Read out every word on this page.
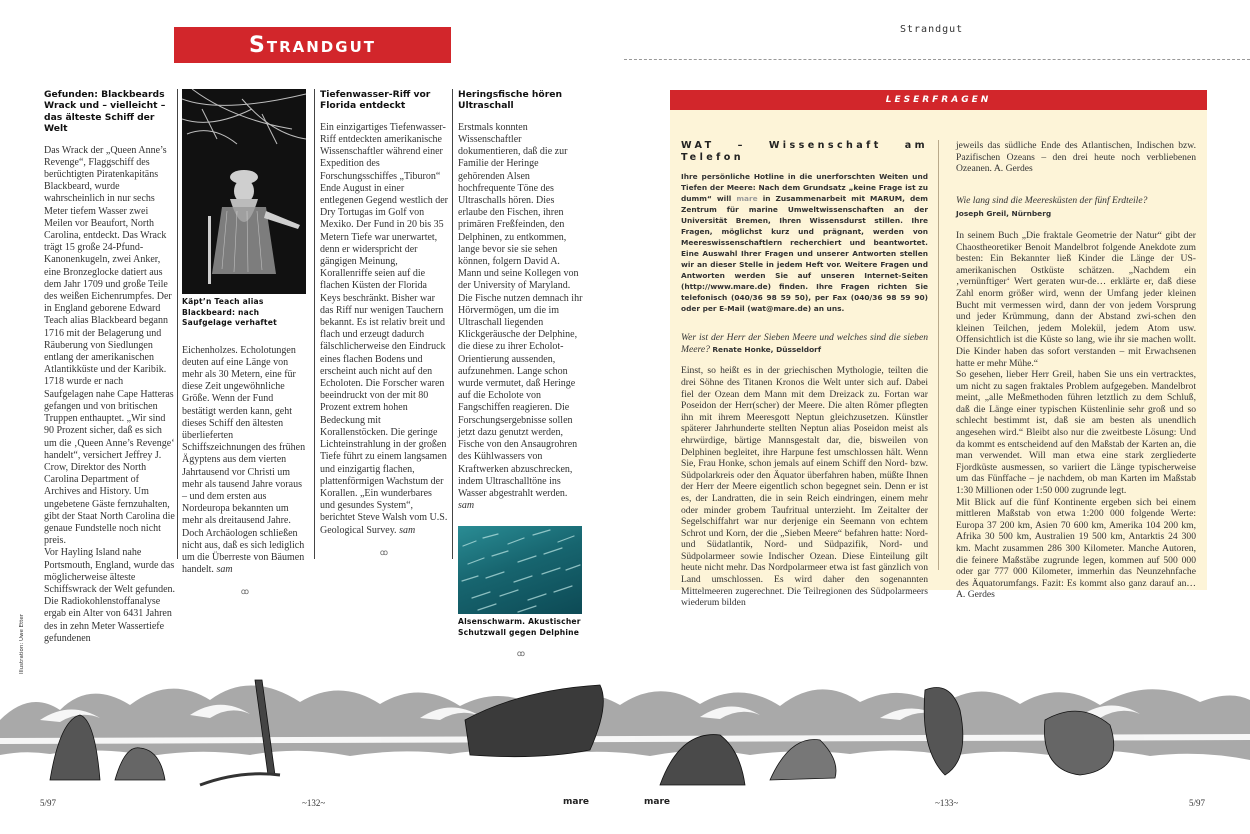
Strandgut
Gefunden: Blackbeards Wrack und – vielleicht – das älteste Schiff der Welt
Das Wrack der „Queen Anne’s Revenge“, Flaggschiff des berüchtigten Piratenkapitäns Blackbeard, wurde wahrscheinlich in nur sechs Meter tiefem Wasser zwei Meilen vor Beaufort, North Carolina, entdeckt. Das Wrack trägt 15 große 24-Pfund-Kanonenkugeln, zwei Anker, eine Bronzeglocke datiert aus dem Jahr 1709 und große Teile des weißen Eichenrumpfes. Der in England geborene Edward Teach alias Blackbeard begann 1716 mit der Belagerung und Räuberung von Siedlungen entlang der amerikanischen Atlantikküste und der Karibik. 1718 wurde er nach Saufgelagen nahe Cape Hatteras gefangen und von britischen Truppen enthauptet. „Wir sind 90 Prozent sicher, daß es sich um die ‚Queen Anne’s Revenge‘ handelt“, versichert Jeffrey J. Crow, Direktor des North Carolina Department of Archives and History. Um ungebetene Gäste fernzuhalten, gibt der Staat North Carolina die genaue Fundstelle noch nicht preis.
Vor Hayling Island nahe Portsmouth, England, wurde das möglicherweise älteste Schiffswrack der Welt gefunden. Die Radiokohlenstoffanalyse ergab ein Alter von 6431 Jahren des in zehn Meter Wassertiefe gefundenen
Käpt’n Teach alias Blackbeard: nach Saufgelage verhaftet
Eichenholzes. Echolotungen deuten auf eine Länge von mehr als 30 Metern, eine für diese Zeit ungewöhnliche Größe. Wenn der Fund bestätigt werden kann, geht dieses Schiff den ältesten überlieferten Schiffszeichnungen des frühen Ägyptens aus dem vierten Jahrtausend vor Christi um mehr als tausend Jahre voraus – und dem ersten aus Nordeuropa bekannten um mehr als dreitausend Jahre. Doch Archäologen schließen nicht aus, daß es sich lediglich um die Überreste von Bäumen handelt. sam
ꝏ
Tiefenwasser-Riff vor Florida entdeckt
Ein einzigartiges Tiefenwasser-Riff entdeckten amerikanische Wissenschaftler während einer Expedition des Forschungsschiffes „Tiburon“ Ende August in einer entlegenen Gegend westlich der Dry Tortugas im Golf von Mexiko. Der Fund in 20 bis 35 Metern Tiefe war unerwartet, denn er widerspricht der gängigen Meinung, Korallenriffe seien auf die flachen Küsten der Florida Keys beschränkt. Bisher war das Riff nur wenigen Tauchern bekannt. Es ist relativ breit und flach und erzeugt dadurch fälschlicherweise den Eindruck eines flachen Bodens und erscheint auch nicht auf den Echoloten. Die Forscher waren beeindruckt von der mit 80 Prozent extrem hohen Bedeckung mit Korallenstöcken. Die geringe Lichteinstrahlung in der großen Tiefe führt zu einem langsamen und einzigartig flachen, plattenförmigen Wachstum der Korallen. „Ein wunderbares und gesundes System“, berichtet Steve Walsh vom U.S. Geological Survey. sam
ꝏ
Heringsfische hören Ultraschall
Erstmals konnten Wissenschaftler dokumentieren, daß die zur Familie der Heringe gehörenden Alsen hochfrequente Töne des Ultraschalls hören. Dies erlaube den Fischen, ihren primären Freßfeinden, den Delphinen, zu entkommen, lange bevor sie sie sehen können, folgern David A. Mann und seine Kollegen von der University of Maryland. Die Fische nutzen demnach ihr Hörvermögen, um die im Ultraschall liegenden Klickgeräusche der Delphine, die diese zu ihrer Echolot-Orientierung aussenden, aufzunehmen. Lange schon wurde vermutet, daß Heringe auf die Echolote von Fangschiffen reagieren. Die Forschungsergebnisse sollen jetzt dazu genutzt werden, Fische von den Ansaugrohren des Kühlwassers von Kraftwerken abzuschrecken, indem Ultraschalltöne ins Wasser abgestrahlt werden. sam
Alsenschwarm. Akustischer Schutzwall gegen Delphine
ꝏ
Strandgut
LESERFRAGEN
WAT – Wissenschaft am Telefon
Ihre persönliche Hotline in die unerforschten Weiten und Tiefen der Meere: Nach dem Grundsatz „keine Frage ist zu dumm“ will mare in Zusammenarbeit mit MARUM, dem Zentrum für marine Umweltwissenschaften an der Universität Bremen, Ihren Wissensdurst stillen. Ihre Fragen, möglichst kurz und prägnant, werden von Meereswissenschaftlern recherchiert und beantwortet. Eine Auswahl Ihrer Fragen und unserer Antworten stellen wir an dieser Stelle in jedem Heft vor. Weitere Fragen und Antworten werden Sie auf unseren Internet-Seiten (http://www.mare.de) finden. Ihre Fragen richten Sie telefonisch (040/36 98 59 50), per Fax (040/36 98 59 90) oder per E-Mail (wat@mare.de) an uns.
Wer ist der Herr der Sieben Meere und welches sind die sieben Meere? Renate Honke, Düsseldorf
Einst, so heißt es in der griechischen Mythologie, teilten die drei Söhne des Titanen Kronos die Welt unter sich auf. Dabei fiel der Ozean dem Mann mit dem Dreizack zu. Fortan war Poseidon der Herr(scher) der Meere. Die alten Römer pflegten ihn mit ihrem Meeresgott Neptun gleichzusetzen. Künstler späterer Jahrhunderte stellten Neptun alias Poseidon meist als ehrwürdige, bärtige Mannsgestalt dar, die, bisweilen von Delphinen begleitet, ihre Harpune fest umschlossen hält. Wenn Sie, Frau Honke, schon jemals auf einem Schiff den Nord- bzw. Südpolarkreis oder den Äquator überfahren haben, müßte Ihnen der Herr der Meere eigentlich schon begegnet sein. Denn er ist es, der Landratten, die in sein Reich eindringen, einem mehr oder minder grobem Taufritual unterzieht. Im Zeitalter der Segelschiffahrt war nur derjenige ein Seemann von echtem Schrot und Korn, der die „Sieben Meere“ befahren hatte: Nord- und Südatlantik, Nord- und Südpazifik, Nord- und Südpolarmeer sowie Indischer Ozean. Diese Einteilung gilt heute nicht mehr. Das Nordpolarmeer etwa ist fast gänzlich von Land umschlossen. Es wird daher den sogenannten Mittelmeeren zugerechnet. Die Teilregionen des Südpolarmeers wiederum bilden
jeweils das südliche Ende des Atlantischen, Indischen bzw. Pazifischen Ozeans – den drei heute noch verbliebenen Ozeanen. A. Gerdes
Wie lang sind die Meeresküsten der fünf Erdteile?
Joseph Greil, Nürnberg
In seinem Buch „Die fraktale Geometrie der Natur“ gibt der Chaostheoretiker Benoit Mandelbrot folgende Anekdote zum besten: Ein Bekannter ließ Kinder die Länge der US-amerikanischen Ostküste schätzen. „Nachdem ein ‚vernünftiger‘ Wert geraten wur-de… erklärte er, daß diese Zahl enorm größer wird, wenn der Umfang jeder kleinen Bucht mit vermessen wird, dann der von jedem Vorsprung und jeder Krümmung, dann der Abstand zwi-schen den kleinen Teilchen, jedem Molekül, jedem Atom usw. Offensichtlich ist die Küste so lang, wie ihr sie machen wollt. Die Kinder haben das sofort verstanden – mit Erwachsenen hatte er mehr Mühe.“
So gesehen, lieber Herr Greil, haben Sie uns ein vertracktes, um nicht zu sagen fraktales Problem aufgegeben. Mandelbrot meint, „alle Meßmethoden führen letztlich zu dem Schluß, daß die Länge einer typischen Küstenlinie sehr groß und so schlecht bestimmt ist, daß sie am besten als unendlich angesehen wird.“ Bleibt also nur die zweitbeste Lösung: Und da kommt es entscheidend auf den Maßstab der Karten an, die man verwendet. Will man etwa eine stark zergliederte Fjordküste ausmessen, so variiert die Länge typischerweise um das Fünffache – je nachdem, ob man Karten im Maßstab 1:30 Millionen oder 1:50 000 zugrunde legt.
Mit Blick auf die fünf Kontinente ergeben sich bei einem mittleren Maßstab von etwa 1:200 000 folgende Werte: Europa 37 200 km, Asien 70 600 km, Amerika 104 200 km, Afrika 30 500 km, Australien 19 500 km, Antarktis 24 300 km. Macht zusammen 286 300 Kilometer. Manche Autoren, die feinere Maßstäbe zugrunde legen, kommen auf 500 000 oder gar 777 000 Kilometer, immerhin das Neunzehnfache des Äquatorumfangs. Fazit: Es kommt also ganz darauf an… A. Gerdes
Illustration: Uwe Etter
5/97	~132~	mare	mare	~133~	5/97
